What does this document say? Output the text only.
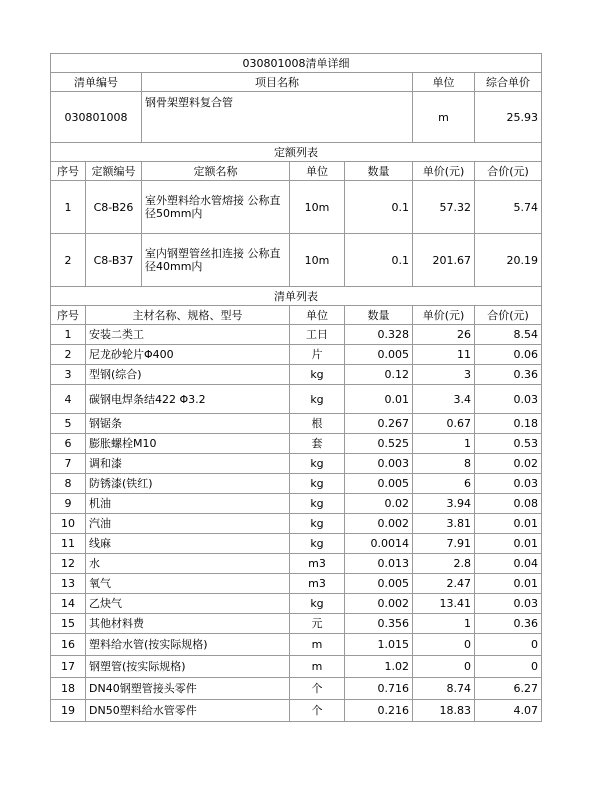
030801008清单详细						
清单编号		项目名称			单位	综合单价
030801008		钢骨架塑料复合管			m	25.93
定额列表						
序号	定额编号	定额名称	单位	数量	单价(元)	合价(元)
1	C8-B26	室外塑料给水管熔接 公称直径50mm内	10m	0.1	57.32	5.74
2	C8-B37	室内钢塑管丝扣连接 公称直径40mm内	10m	0.1	201.67	20.19
清单列表						
序号	主材名称、规格、型号		单位	数量	单价(元)	合价(元)
1	安装二类工		工日	0.328	26	8.54
2	尼龙砂轮片Φ400		片	0.005	11	0.06
3	型钢(综合)		kg	0.12	3	0.36
4	碳钢电焊条结422 Φ3.2		kg	0.01	3.4	0.03
5	钢锯条		根	0.267	0.67	0.18
6	膨胀螺栓M10		套	0.525	1	0.53
7	调和漆		kg	0.003	8	0.02
8	防锈漆(铁红)		kg	0.005	6	0.03
9	机油		kg	0.02	3.94	0.08
10	汽油		kg	0.002	3.81	0.01
11	线麻		kg	0.0014	7.91	0.01
12	水		m3	0.013	2.8	0.04
13	氧气		m3	0.005	2.47	0.01
14	乙炔气		kg	0.002	13.41	0.03
15	其他材料费		元	0.356	1	0.36
16	塑料给水管(按实际规格)		m	1.015	0	0
17	钢塑管(按实际规格)		m	1.02	0	0
18	DN40钢塑管接头零件		个	0.716	8.74	6.27
19	DN50塑料给水管零件		个	0.216	18.83	4.07
